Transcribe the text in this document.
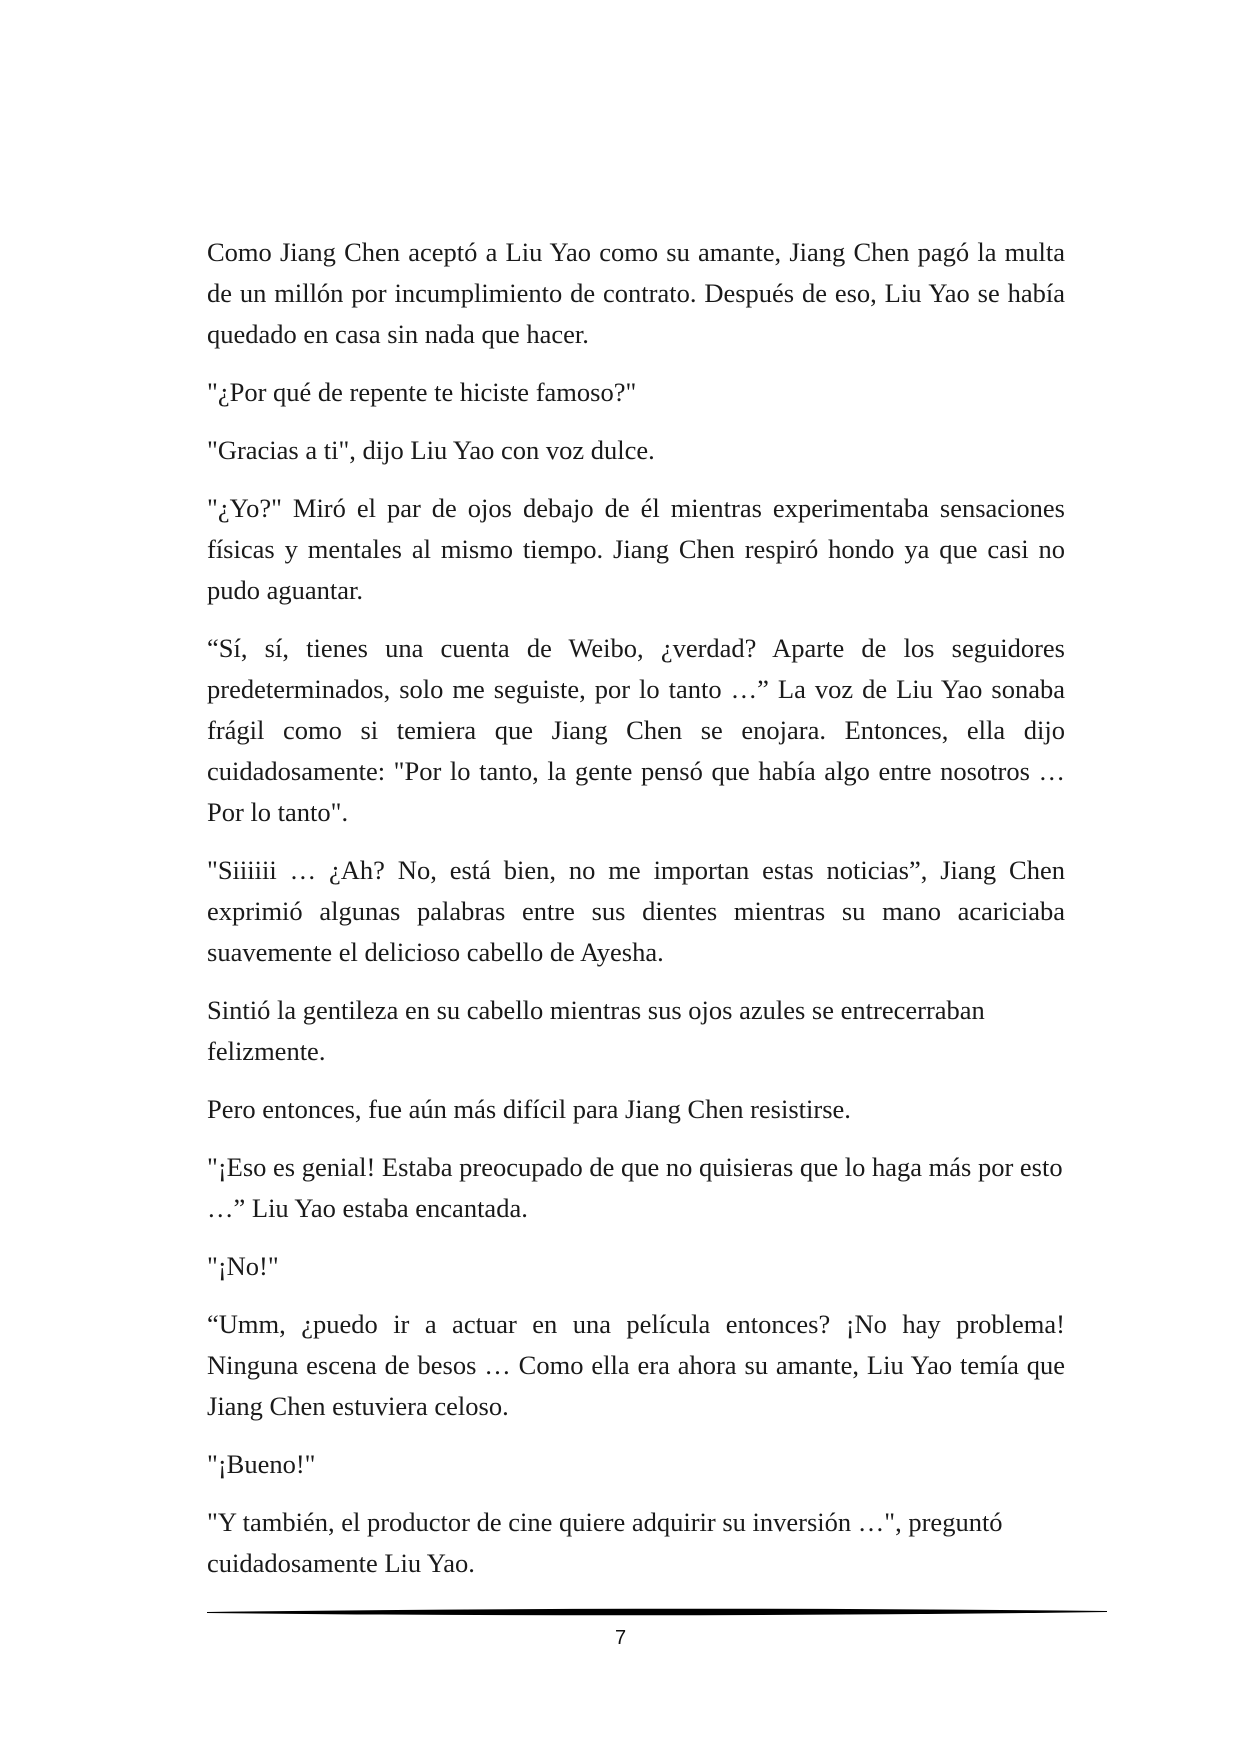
Como Jiang Chen aceptó a Liu Yao como su amante, Jiang Chen pagó la multa de un millón por incumplimiento de contrato. Después de eso, Liu Yao se había quedado en casa sin nada que hacer.

"¿Por qué de repente te hiciste famoso?"

"Gracias a ti", dijo Liu Yao con voz dulce.

"¿Yo?" Miró el par de ojos debajo de él mientras experimentaba sensaciones físicas y mentales al mismo tiempo. Jiang Chen respiró hondo ya que casi no pudo aguantar.

“Sí, sí, tienes una cuenta de Weibo, ¿verdad? Aparte de los seguidores predeterminados, solo me seguiste, por lo tanto …” La voz de Liu Yao sonaba frágil como si temiera que Jiang Chen se enojara. Entonces, ella dijo cuidadosamente: "Por lo tanto, la gente pensó que había algo entre nosotros … Por lo tanto".

"Siiiiii … ¿Ah? No, está bien, no me importan estas noticias”, Jiang Chen exprimió algunas palabras entre sus dientes mientras su mano acariciaba suavemente el delicioso cabello de Ayesha.

Sintió la gentileza en su cabello mientras sus ojos azules se entrecerraban felizmente.

Pero entonces, fue aún más difícil para Jiang Chen resistirse.

"¡Eso es genial! Estaba preocupado de que no quisieras que lo haga más por esto …” Liu Yao estaba encantada.

"¡No!"

“Umm, ¿puedo ir a actuar en una película entonces? ¡No hay problema! Ninguna escena de besos … Como ella era ahora su amante, Liu Yao temía que Jiang Chen estuviera celoso.

"¡Bueno!"

"Y también, el productor de cine quiere adquirir su inversión …", preguntó cuidadosamente Liu Yao.

7
